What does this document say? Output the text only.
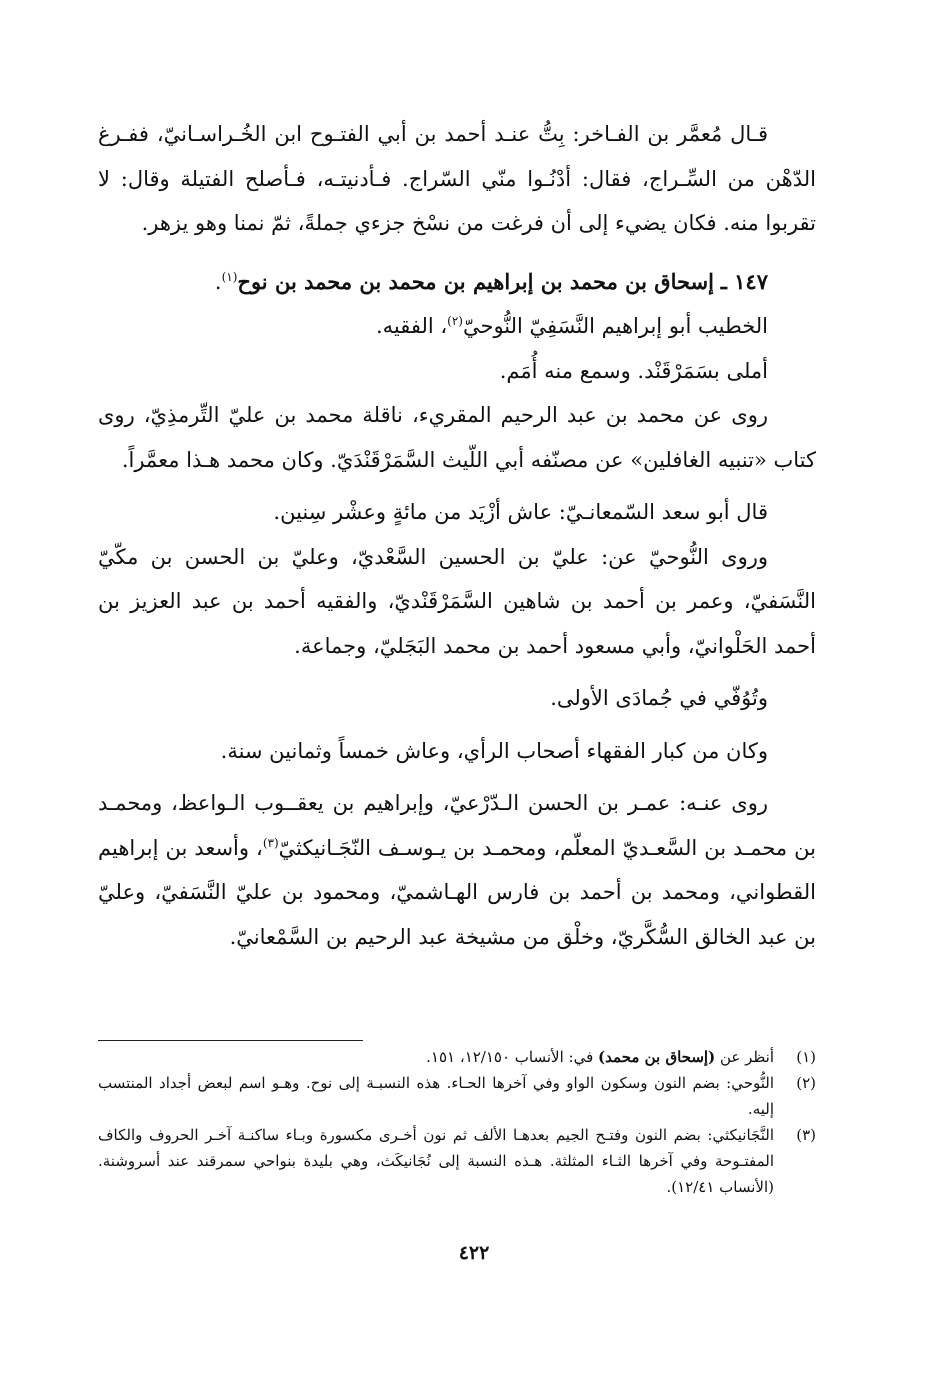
قـال مُعمَّر بن الفـاخر: بِتُّ عنـد أحمد بن أبي الفتـوح ابن الخُـراسـانيّ، ففـرغ الدّهْن من السِّـراج، فقال: أدْنُـوا منّي السّراج. فـأدنيتـه، فـأصلح الفتيلة وقال: لا تقربوا منه. فكان يضيء إلى أن فرغت من نسْخ جزءي جملةً، ثمّ نمنا وهو يزهر.

١٤٧ ـ إسحاق بن محمد بن إبراهيم بن محمد بن محمد بن نوح$^{(١)}$.

الخطيب أبو إبراهيم النَّسَفِيّ النُّوحيّ$^{(٢)}$، الفقيه.

أملى بسَمَرْقَنْد. وسمع منه أُمَم.

روى عن محمد بن عبد الرحيم المقريء، ناقلة محمد بن عليّ التِّرمذِيّ، روى كتاب «تنبيه الغافلين» عن مصنّفه أبي اللّيث السَّمَرْقَنْدَيّ. وكان محمد هـذا معمَّراً.

قال أبو سعد السّمعانـيّ: عاش أزْيَد من مائةٍ وعشْر سِنين.

وروى النُّوحيّ عن: عليّ بن الحسين السَّعْديّ، وعليّ بن الحسن بن مكّيّ النَّسَفيّ، وعمر بن أحمد بن شاهين السَّمَرْقَنْديّ، والفقيه أحمد بن عبد العزيز بن أحمد الحَلْوانيّ، وأبي مسعود أحمد بن محمد البَجَليّ، وجماعة.

وتُوُفّي في جُمادَى الأولى.

وكان من كبار الفقهاء أصحاب الرأي، وعاش خمساً وثمانين سنة.

روى عنـه: عمـر بن الحسن الـدّرْعيّ، وإبراهيم بن يعقــوب الـواعظ، ومحمـد بن محمـد بن السَّعـديّ المعلّم، ومحمـد بن يـوسـف النّجَـانيكثيّ$^{(٣)}$، وأسعد بن إبراهيم القطواني، ومحمد بن أحمد بن فارس الهـاشميّ، ومحمود بن عليّ النَّسَفيّ، وعليّ بن عبد الخالق السُّكَّريّ، وخلْق من مشيخة عبد الرحيم بن السَّمْعانيّ.

(١)
أنظر عن (إسحاق بن محمد) في: الأنساب ١٢/١٥٠، ١٥١.
(٢)
النُّوحي: بضم النون وسكون الواو وفي آخرها الحـاء. هذه النسبـة إلى نوح. وهـو اسم لبعض أجداد المنتسب إليه.
(٣)
النَّجَانيكثي: بضم النون وفتـح الجيم بعدهـا الألف ثم نون أخـرى مكسورة وبـاء ساكنـة آخـر الحروف والكاف المفتـوحة وفي آخرها الثـاء المثلثة. هـذه النسبة إلى نُجَانيكَث، وهي بليدة بنواحي سمرقند عند أسروشنة. (الأنساب ١٢/٤١).
٤٢٢
